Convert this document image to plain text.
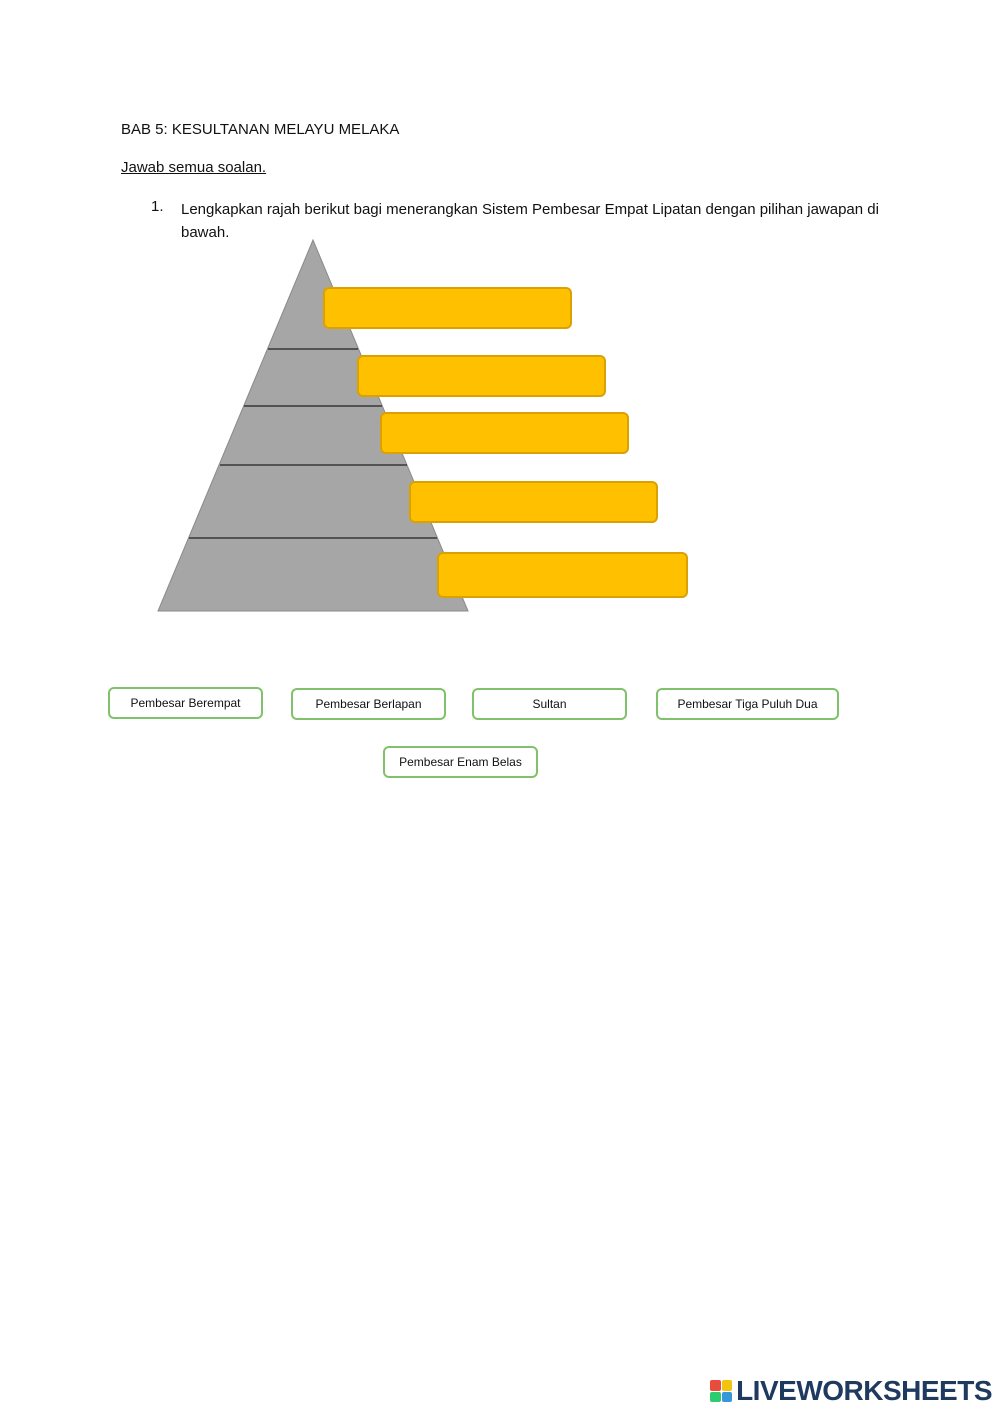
BAB 5: KESULTANAN MELAYU MELAKA
Jawab semua soalan.
1. Lengkapkan rajah berikut bagi menerangkan Sistem Pembesar Empat Lipatan dengan pilihan jawapan di bawah.
Pembesar Berempat	Pembesar Berlapan	Sultan	Pembesar Tiga Puluh Dua
Pembesar Enam Belas
LIVEWORKSHEETS
